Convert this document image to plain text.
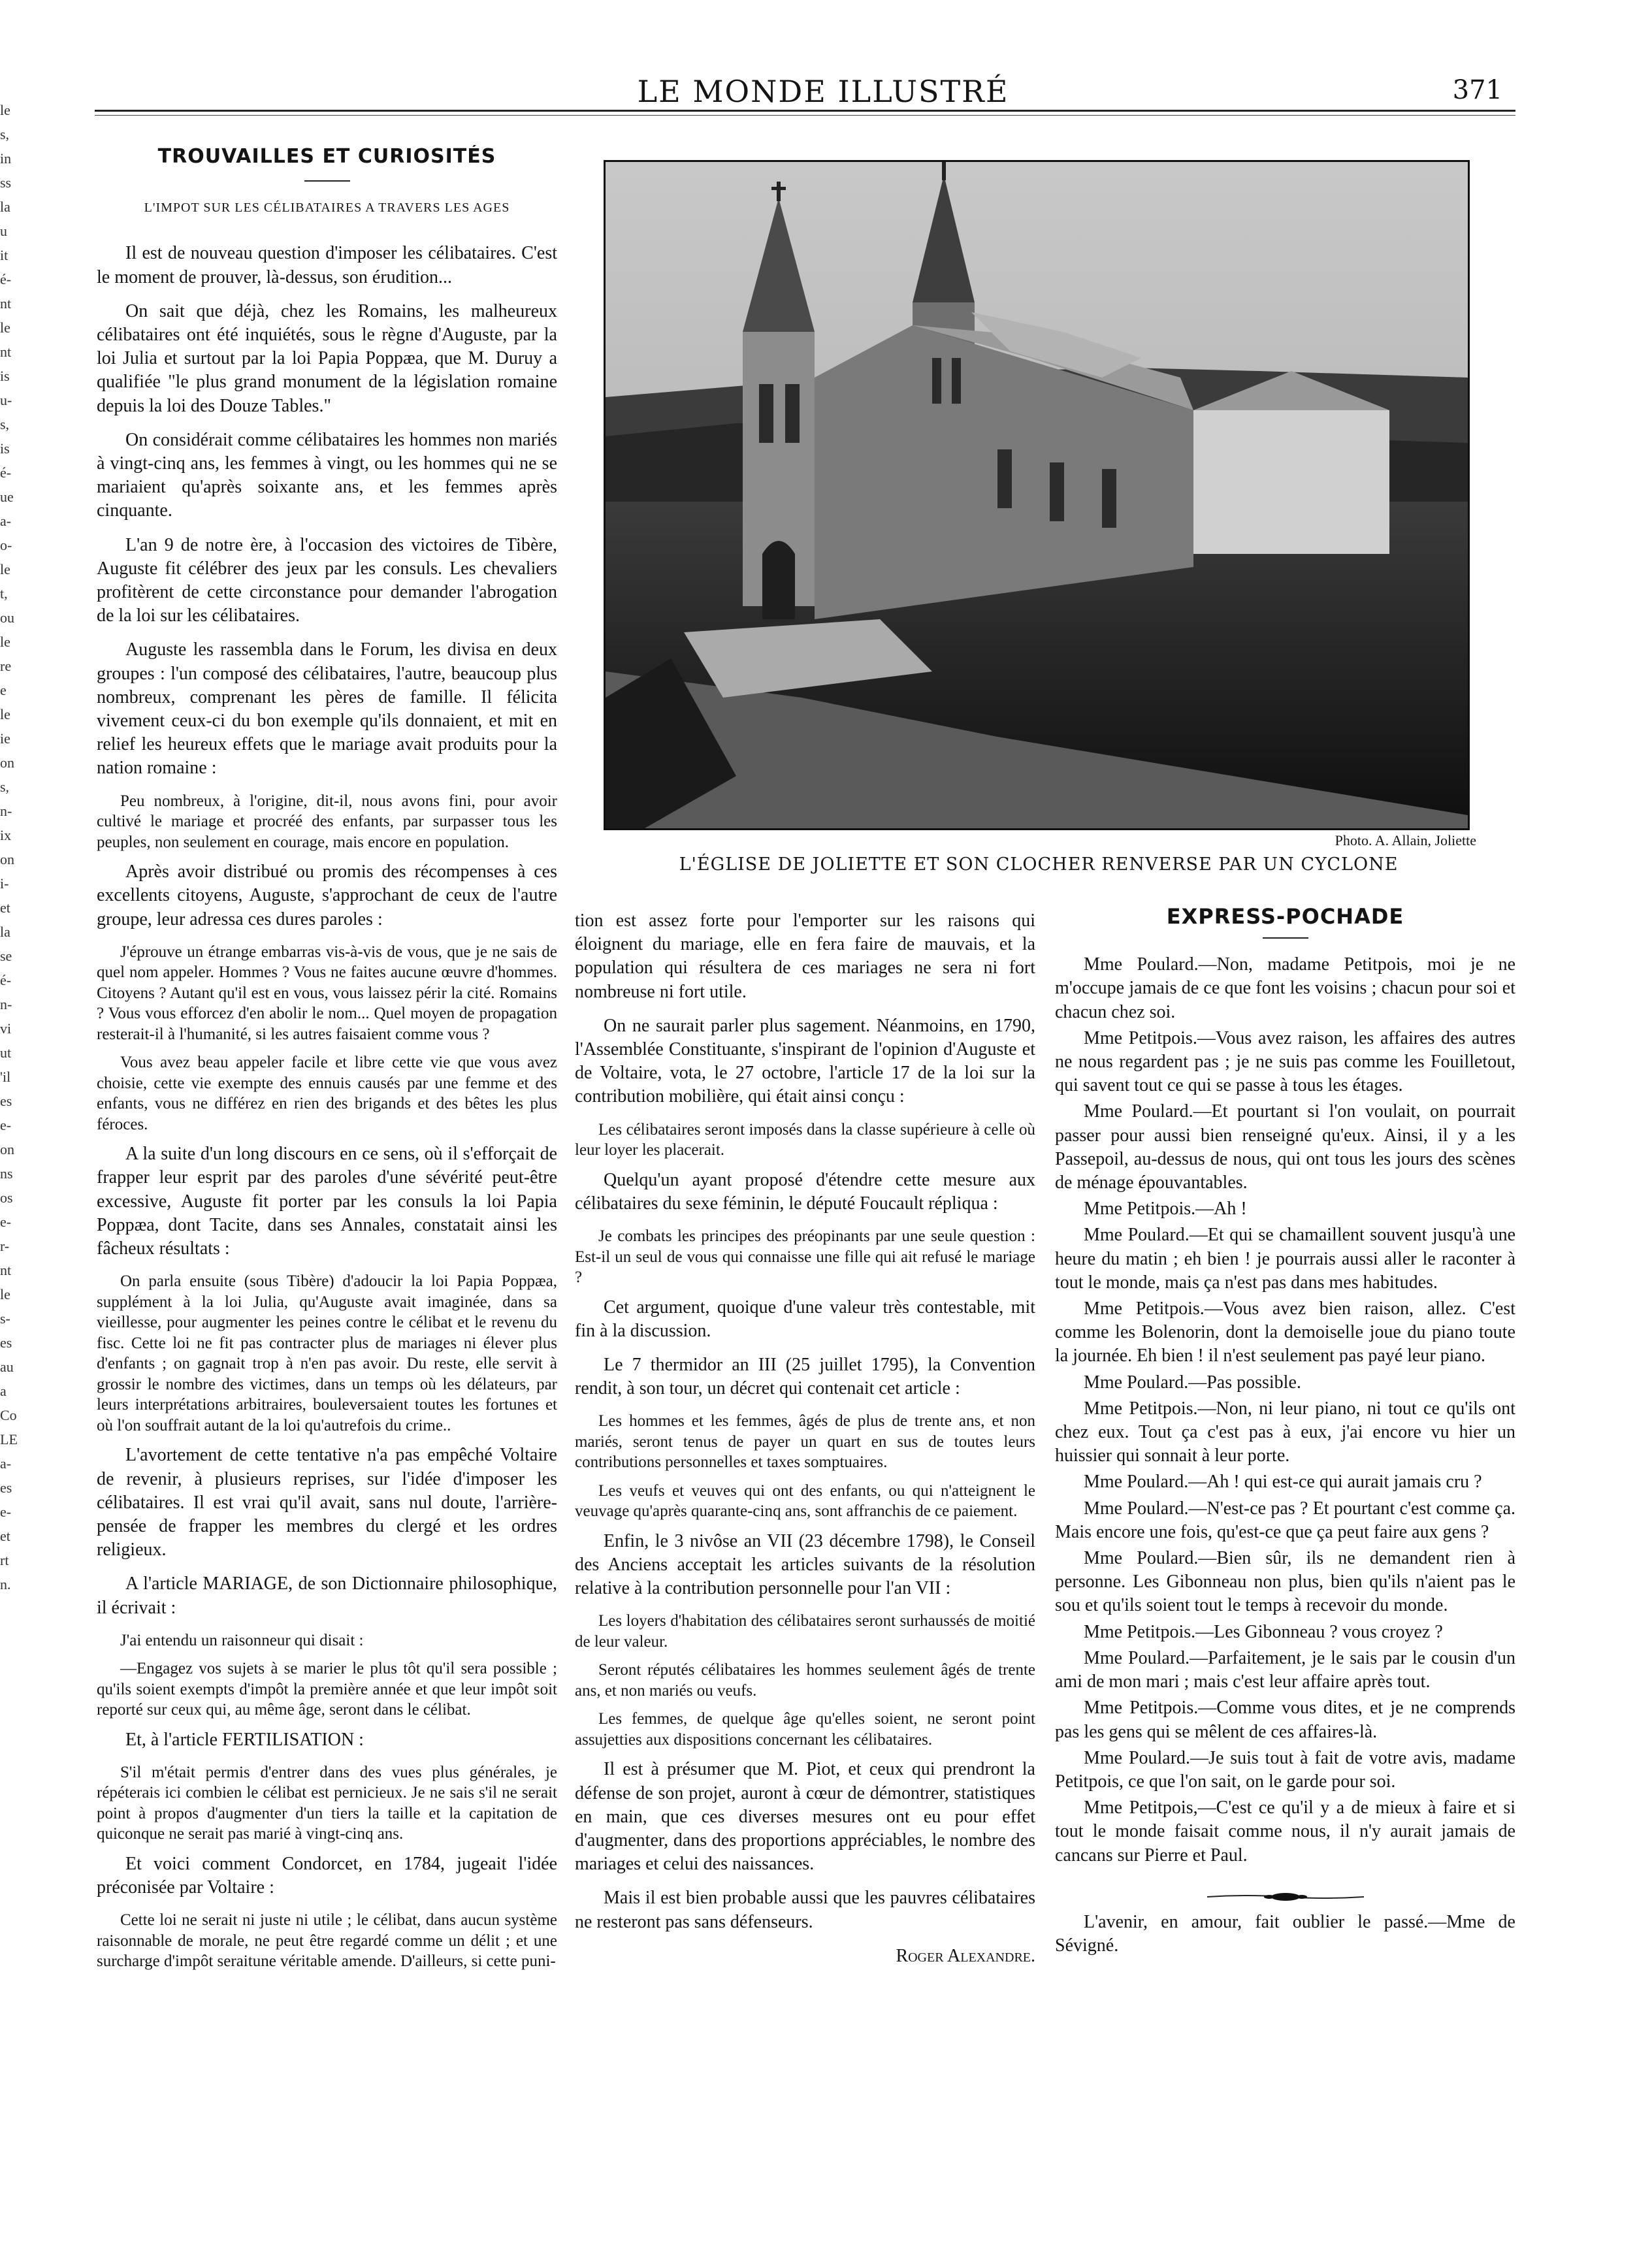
le
s,
in
ss
la
u
it
é-
nt
le
nt
is
u-
s,
is
é-
ue
a-
o-
le
t,
ou
le
re
e
le
ie
on
s,
n-
ix
on
i-
et
la
se
é-
n-
vi
ut
'il
es
e-
on
ns
os
e-
r-
nt
le
s-
es
au
a
Co
LE
a-
es
e-
et
rt
n.
LE MONDE ILLUSTRÉ	371
TROUVAILLES ET CURIOSITÉS
L'IMPOT SUR LES CÉLIBATAIRES A TRAVERS LES AGES

Il est de nouveau question d'imposer les célibataires. C'est le moment de prouver, là-dessus, son érudition...

On sait que déjà, chez les Romains, les malheureux célibataires ont été inquiétés, sous le règne d'Auguste, par la loi Julia et surtout par la loi Papia Poppæa, que M. Duruy a qualifiée "le plus grand monument de la législation romaine depuis la loi des Douze Tables."

On considérait comme célibataires les hommes non mariés à vingt-cinq ans, les femmes à vingt, ou les hommes qui ne se mariaient qu'après soixante ans, et les femmes après cinquante.

L'an 9 de notre ère, à l'occasion des victoires de Tibère, Auguste fit célébrer des jeux par les consuls. Les chevaliers profitèrent de cette circonstance pour demander l'abrogation de la loi sur les célibataires.

Auguste les rassembla dans le Forum, les divisa en deux groupes : l'un composé des célibataires, l'autre, beaucoup plus nombreux, comprenant les pères de famille. Il félicita vivement ceux-ci du bon exemple qu'ils donnaient, et mit en relief les heureux effets que le mariage avait produits pour la nation romaine :

Peu nombreux, à l'origine, dit-il, nous avons fini, pour avoir cultivé le mariage et procréé des enfants, par surpasser tous les peuples, non seulement en courage, mais encore en population.

Après avoir distribué ou promis des récompenses à ces excellents citoyens, Auguste, s'approchant de ceux de l'autre groupe, leur adressa ces dures paroles :

J'éprouve un étrange embarras vis-à-vis de vous, que je ne sais de quel nom appeler. Hommes ? Vous ne faites aucune œuvre d'hommes. Citoyens ? Autant qu'il est en vous, vous laissez périr la cité. Romains ? Vous vous efforcez d'en abolir le nom... Quel moyen de propagation resterait-il à l'humanité, si les autres faisaient comme vous ?

Vous avez beau appeler facile et libre cette vie que vous avez choisie, cette vie exempte des ennuis causés par une femme et des enfants, vous ne différez en rien des brigands et des bêtes les plus féroces.

A la suite d'un long discours en ce sens, où il s'efforçait de frapper leur esprit par des paroles d'une sévérité peut-être excessive, Auguste fit porter par les consuls la loi Papia Poppæa, dont Tacite, dans ses Annales, constatait ainsi les fâcheux résultats :

On parla ensuite (sous Tibère) d'adoucir la loi Papia Poppæa, supplément à la loi Julia, qu'Auguste avait imaginée, dans sa vieillesse, pour augmenter les peines contre le célibat et le revenu du fisc. Cette loi ne fit pas contracter plus de mariages ni élever plus d'enfants ; on gagnait trop à n'en pas avoir. Du reste, elle servit à grossir le nombre des victimes, dans un temps où les délateurs, par leurs interprétations arbitraires, bouleversaient toutes les fortunes et où l'on souffrait autant de la loi qu'autrefois du crime..

L'avortement de cette tentative n'a pas empêché Voltaire de revenir, à plusieurs reprises, sur l'idée d'imposer les célibataires. Il est vrai qu'il avait, sans nul doute, l'arrière-pensée de frapper les membres du clergé et les ordres religieux.

A l'article MARIAGE, de son Dictionnaire philosophique, il écrivait :

J'ai entendu un raisonneur qui disait :

—Engagez vos sujets à se marier le plus tôt qu'il sera possible ; qu'ils soient exempts d'impôt la première année et que leur impôt soit reporté sur ceux qui, au même âge, seront dans le célibat.

Et, à l'article FERTILISATION :

S'il m'était permis d'entrer dans des vues plus générales, je répéterais ici combien le célibat est pernicieux. Je ne sais s'il ne serait point à propos d'augmenter d'un tiers la taille et la capitation de quiconque ne serait pas marié à vingt-cinq ans.

Et voici comment Condorcet, en 1784, jugeait l'idée préconisée par Voltaire :

Cette loi ne serait ni juste ni utile ; le célibat, dans aucun système raisonnable de morale, ne peut être regardé comme un délit ; et une surcharge d'impôt seraitune véritable amende. D'ailleurs, si cette puni-

Photo. A. Allain, Joliette
L'ÉGLISE DE JOLIETTE ET SON CLOCHER RENVERSE PAR UN CYCLONE

tion est assez forte pour l'emporter sur les raisons qui éloignent du mariage, elle en fera faire de mauvais, et la population qui résultera de ces mariages ne sera ni fort nombreuse ni fort utile.

On ne saurait parler plus sagement. Néanmoins, en 1790, l'Assemblée Constituante, s'inspirant de l'opinion d'Auguste et de Voltaire, vota, le 27 octobre, l'article 17 de la loi sur la contribution mobilière, qui était ainsi conçu :

Les célibataires seront imposés dans la classe supérieure à celle où leur loyer les placerait.

Quelqu'un ayant proposé d'étendre cette mesure aux célibataires du sexe féminin, le député Foucault répliqua :

Je combats les principes des préopinants par une seule question : Est-il un seul de vous qui connaisse une fille qui ait refusé le mariage ?

Cet argument, quoique d'une valeur très contestable, mit fin à la discussion.

Le 7 thermidor an III (25 juillet 1795), la Convention rendit, à son tour, un décret qui contenait cet article :

Les hommes et les femmes, âgés de plus de trente ans, et non mariés, seront tenus de payer un quart en sus de toutes leurs contributions personnelles et taxes somptuaires.

Les veufs et veuves qui ont des enfants, ou qui n'atteignent le veuvage qu'après quarante-cinq ans, sont affranchis de ce paiement.

Enfin, le 3 nivôse an VII (23 décembre 1798), le Conseil des Anciens acceptait les articles suivants de la résolution relative à la contribution personnelle pour l'an VII :

Les loyers d'habitation des célibataires seront surhaussés de moitié de leur valeur.

Seront réputés célibataires les hommes seulement âgés de trente ans, et non mariés ou veufs.

Les femmes, de quelque âge qu'elles soient, ne seront point assujetties aux dispositions concernant les célibataires.

Il est à présumer que M. Piot, et ceux qui prendront la défense de son projet, auront à cœur de démontrer, statistiques en main, que ces diverses mesures ont eu pour effet d'augmenter, dans des proportions appréciables, le nombre des mariages et celui des naissances.

Mais il est bien probable aussi que les pauvres célibataires ne resteront pas sans défenseurs.

Roger Alexandre.

EXPRESS-POCHADE

Mme Poulard.—Non, madame Petitpois, moi je ne m'occupe jamais de ce que font les voisins ; chacun pour soi et chacun chez soi.

Mme Petitpois.—Vous avez raison, les affaires des autres ne nous regardent pas ; je ne suis pas comme les Fouilletout, qui savent tout ce qui se passe à tous les étages.

Mme Poulard.—Et pourtant si l'on voulait, on pourrait passer pour aussi bien renseigné qu'eux. Ainsi, il y a les Passepoil, au-dessus de nous, qui ont tous les jours des scènes de ménage épouvantables.

Mme Petitpois.—Ah !

Mme Poulard.—Et qui se chamaillent souvent jusqu'à une heure du matin ; eh bien ! je pourrais aussi aller le raconter à tout le monde, mais ça n'est pas dans mes habitudes.

Mme Petitpois.—Vous avez bien raison, allez. C'est comme les Bolenorin, dont la demoiselle joue du piano toute la journée. Eh bien ! il n'est seulement pas payé leur piano.

Mme Poulard.—Pas possible.

Mme Petitpois.—Non, ni leur piano, ni tout ce qu'ils ont chez eux. Tout ça c'est pas à eux, j'ai encore vu hier un huissier qui sonnait à leur porte.

Mme Poulard.—Ah ! qui est-ce qui aurait jamais cru ?

Mme Poulard.—N'est-ce pas ? Et pourtant c'est comme ça. Mais encore une fois, qu'est-ce que ça peut faire aux gens ?

Mme Poulard.—Bien sûr, ils ne demandent rien à personne. Les Gibonneau non plus, bien qu'ils n'aient pas le sou et qu'ils soient tout le temps à recevoir du monde.

Mme Petitpois.—Les Gibonneau ? vous croyez ?

Mme Poulard.—Parfaitement, je le sais par le cousin d'un ami de mon mari ; mais c'est leur affaire après tout.

Mme Petitpois.—Comme vous dites, et je ne comprends pas les gens qui se mêlent de ces affaires-là.

Mme Poulard.—Je suis tout à fait de votre avis, madame Petitpois, ce que l'on sait, on le garde pour soi.

Mme Petitpois,—C'est ce qu'il y a de mieux à faire et si tout le monde faisait comme nous, il n'y aurait jamais de cancans sur Pierre et Paul.

L'avenir, en amour, fait oublier le passé.—Mme de Sévigné.
